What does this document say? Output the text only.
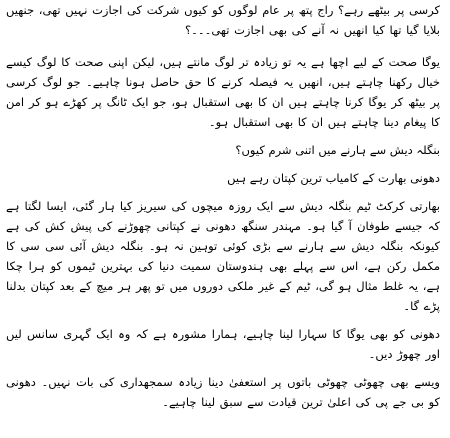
کرسی پر بیٹھے رہے؟ راج پتھ پر عام لوگوں کو کیوں شرکت کی اجازت نہیں تھی، جنھیں بلایا گیا تھا کیا انھیں نہ آنے کی بھی اجازت تھی۔۔۔؟

یوگا صحت کے لیے اچھا ہے یہ تو زیادہ تر لوگ مانتے ہیں، لیکن اپنی صحت کا لوگ کیسے خیال رکھنا چاہتے ہیں، انھیں یہ فیصلہ کرنے کا حق حاصل ہونا چاہیے۔ جو لوگ کرسی پر بیٹھ کر یوگا کرنا چاہتے ہیں ان کا بھی استقبال ہو، جو ایک ٹانگ پر کھڑے ہو کر امن کا پیغام دینا چاہتے ہیں ان کا بھی استقبال ہو۔

بنگلہ دیش سے ہارنے میں اتنی شرم کیوں؟

دھونی بھارت کے کامیاب ترین کپتان رہے ہیں

بھارتی کرکٹ ٹیم بنگلہ دیش سے ایک روزہ میچوں کی سیریز کیا ہار گئی، ایسا لگتا ہے کہ جیسے طوفان آ گیا ہو۔ مہندر سنگھ دھونی نے کپتانی چھوڑنے کی پیش کش کی ہے کیونکہ بنگلہ دیش سے ہارنے سے بڑی کوئی توہین نہ ہو۔ بنگلہ دیش آئی سی سی کا مکمل رکن ہے، اس سے پہلے بھی ہندوستان سمیت دنیا کی بہترین ٹیموں کو ہرا چکا ہے، یہ غلط مثال ہو گی، ٹیم کے غیر ملکی دوروں میں تو پھر ہر میچ کے بعد کپتان بدلنا پڑے گا۔

دھونی کو بھی یوگا کا سہارا لینا چاہیے، ہمارا مشورہ ہے کہ وہ ایک گہری سانس لیں اور چھوڑ دیں۔

ویسے بھی چھوٹی چھوٹی باتوں پر استعفیٰ دینا زیادہ سمجھداری کی بات نہیں۔ دھونی کو بی جے پی کی اعلیٰ ترین قیادت سے سبق لینا چاہیے۔
